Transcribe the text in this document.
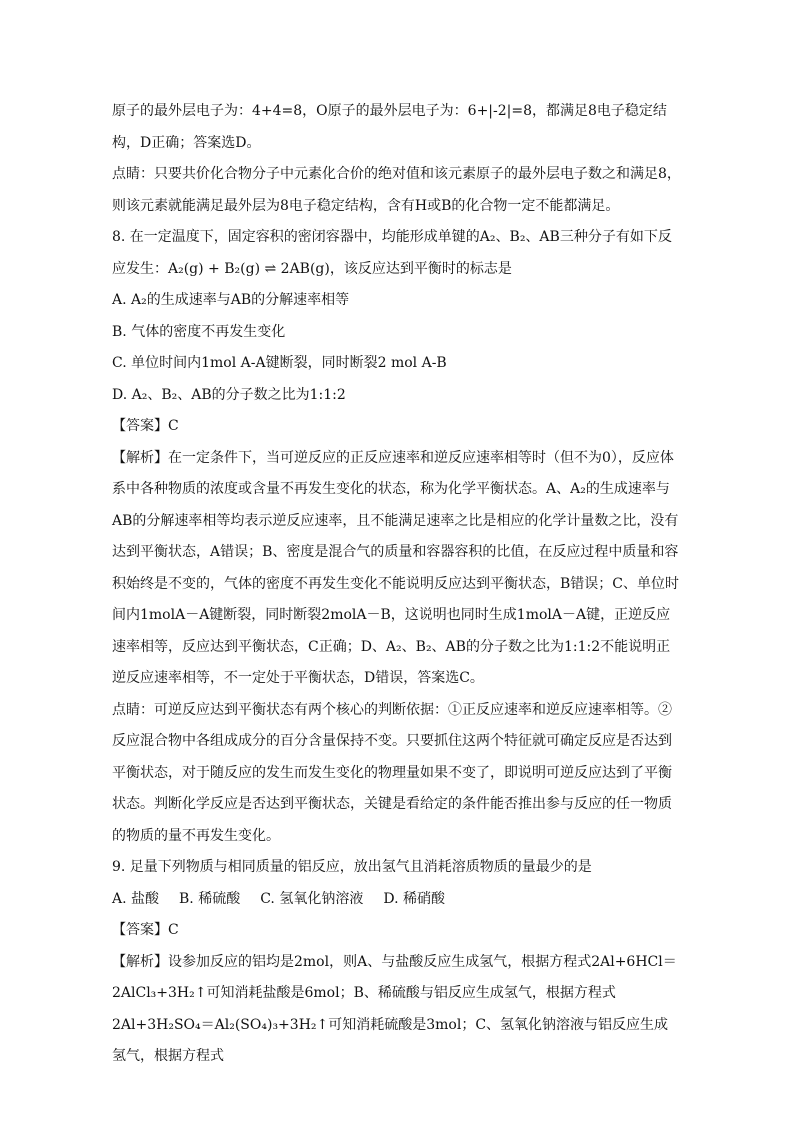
原子的最外层电子为：4+4=8，O原子的最外层电子为：6+|-2|=8，都满足8电子稳定结构，D正确；答案选D。

点睛：只要共价化合物分子中元素化合价的绝对值和该元素原子的最外层电子数之和满足8，则该元素就能满足最外层为8电子稳定结构，含有H或B的化合物一定不能都满足。

8. 在一定温度下，固定容积的密闭容器中，均能形成单键的A₂、B₂、AB三种分子有如下反应发生：A₂(g) + B₂(g) ⇌ 2AB(g)，该反应达到平衡时的标志是

A. A₂的生成速率与AB的分解速率相等

B. 气体的密度不再发生变化

C. 单位时间内1mol A-A键断裂，同时断裂2 mol A-B

D. A₂、B₂、AB的分子数之比为1:1:2

【答案】C

【解析】在一定条件下，当可逆反应的正反应速率和逆反应速率相等时（但不为0），反应体系中各种物质的浓度或含量不再发生变化的状态，称为化学平衡状态。A、A₂的生成速率与AB的分解速率相等均表示逆反应速率，且不能满足速率之比是相应的化学计量数之比，没有达到平衡状态，A错误；B、密度是混合气的质量和容器容积的比值，在反应过程中质量和容积始终是不变的，气体的密度不再发生变化不能说明反应达到平衡状态，B错误；C、单位时间内1molA－A键断裂，同时断裂2molA－B，这说明也同时生成1molA－A键，正逆反应速率相等，反应达到平衡状态，C正确；D、A₂、B₂、AB的分子数之比为1:1:2不能说明正逆反应速率相等，不一定处于平衡状态，D错误，答案选C。

点睛：可逆反应达到平衡状态有两个核心的判断依据：①正反应速率和逆反应速率相等。②反应混合物中各组成成分的百分含量保持不变。只要抓住这两个特征就可确定反应是否达到平衡状态，对于随反应的发生而发生变化的物理量如果不变了，即说明可逆反应达到了平衡状态。判断化学反应是否达到平衡状态，关键是看给定的条件能否推出参与反应的任一物质的物质的量不再发生变化。

9. 足量下列物质与相同质量的铝反应，放出氢气且消耗溶质物质的量最少的是

A. 盐酸 B. 稀硫酸 C. 氢氧化钠溶液 D. 稀硝酸

【答案】C

【解析】设参加反应的铝均是2mol，则A、与盐酸反应生成氢气，根据方程式2Al+6HCl＝2AlCl₃+3H₂↑可知消耗盐酸是6mol；B、稀硫酸与铝反应生成氢气，根据方程式2Al+3H₂SO₄＝Al₂(SO₄)₃+3H₂↑可知消耗硫酸是3mol；C、氢氧化钠溶液与铝反应生成氢气，根据方程式
